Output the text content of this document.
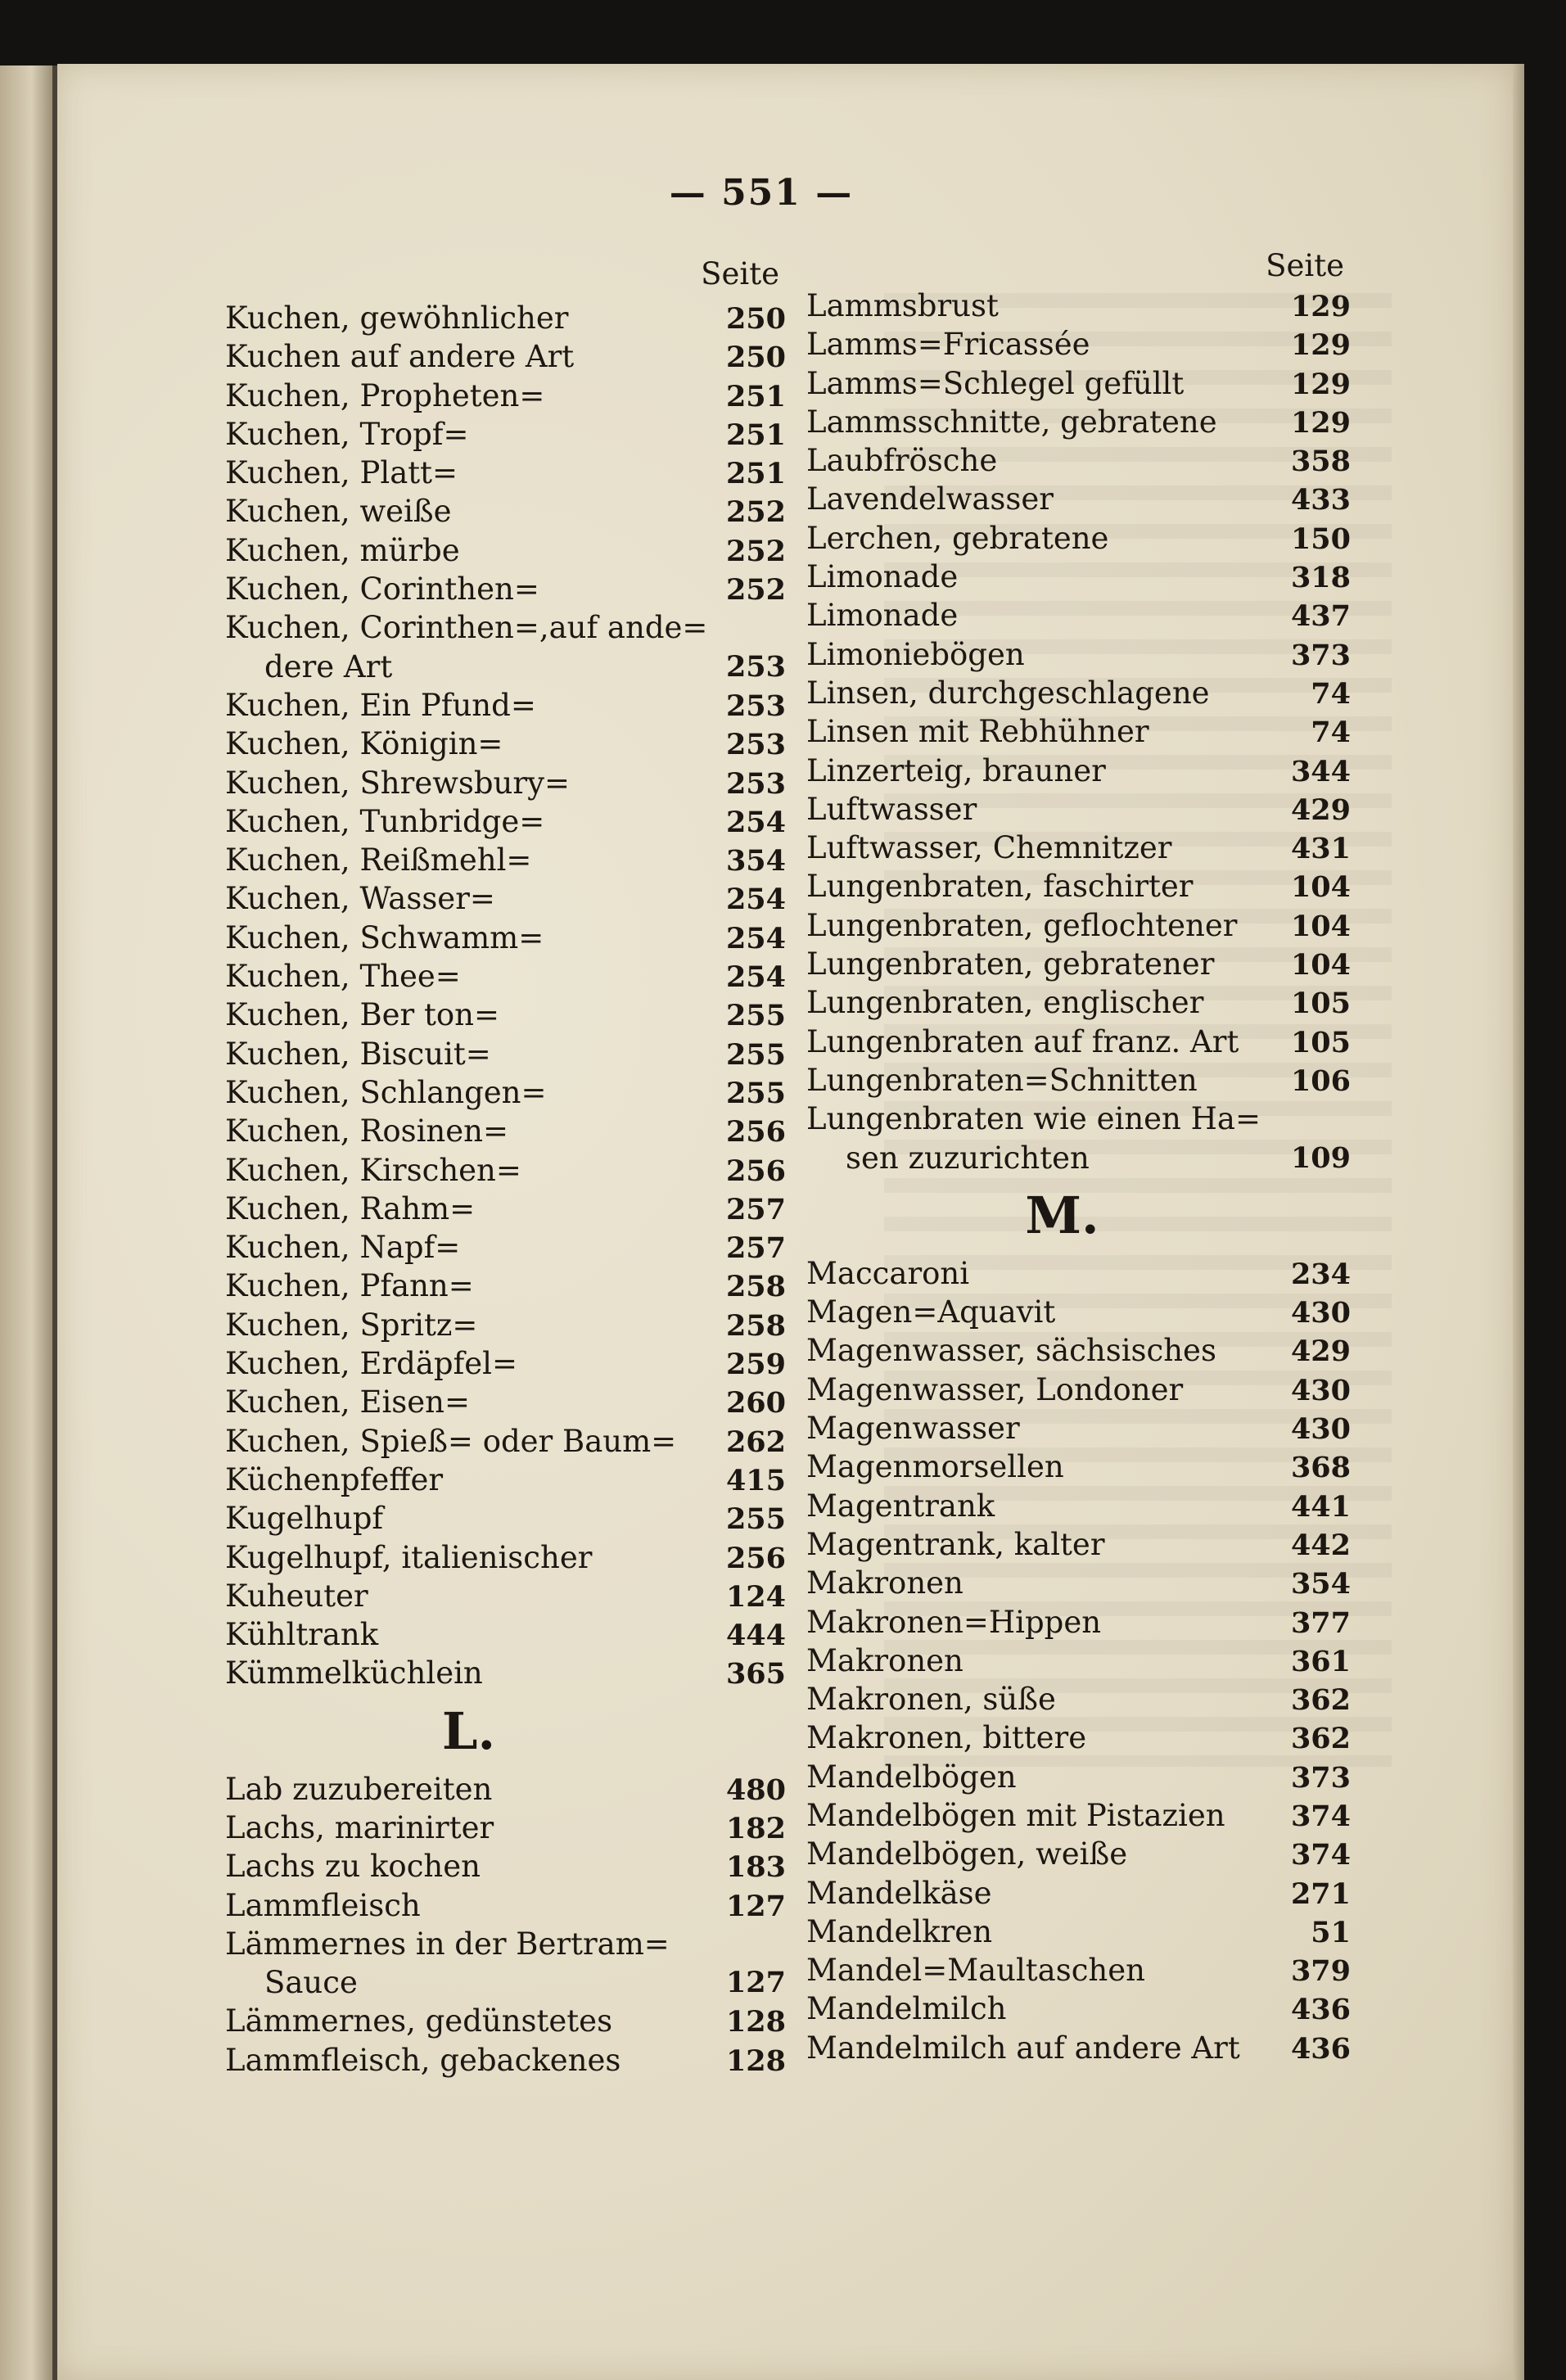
— 551 —
Seite
Kuchen, gewöhnlicher	250
Kuchen auf andere Art	250
Kuchen, Propheten=	251
Kuchen, Tropf=	251
Kuchen, Platt=	251
Kuchen, weiße	252
Kuchen, mürbe	252
Kuchen, Corinthen=	252
Kuchen, Corinthen=,auf ande=
dere Art	253
Kuchen, Ein Pfund=	253
Kuchen, Königin=	253
Kuchen, Shrewsbury=	253
Kuchen, Tunbridge=	254
Kuchen, Reißmehl=	354
Kuchen, Wasser=	254
Kuchen, Schwamm=	254
Kuchen, Thee=	254
Kuchen, Ber ton=	255
Kuchen, Biscuit=	255
Kuchen, Schlangen=	255
Kuchen, Rosinen=	256
Kuchen, Kirschen=	256
Kuchen, Rahm=	257
Kuchen, Napf=	257
Kuchen, Pfann=	258
Kuchen, Spritz=	258
Kuchen, Erdäpfel=	259
Kuchen, Eisen=	260
Kuchen, Spieß= oder Baum=	262
Küchenpfeffer	415
Kugelhupf	255
Kugelhupf, italienischer	256
Kuheuter	124
Kühltrank	444
Kümmelküchlein	365
L.
Lab zuzubereiten	480
Lachs, marinirter	182
Lachs zu kochen	183
Lammfleisch	127
Lämmernes in der Bertram=
Sauce	127
Lämmernes, gedünstetes	128
Lammfleisch, gebackenes	128
Seite
Lammsbrust	129
Lamms=Fricassée	129
Lamms=Schlegel gefüllt	129
Lammsschnitte, gebratene	129
Laubfrösche	358
Lavendelwasser	433
Lerchen, gebratene	150
Limonade	318
Limonade	437
Limoniebögen	373
Linsen, durchgeschlagene	74
Linsen mit Rebhühner	74
Linzerteig, brauner	344
Luftwasser	429
Luftwasser, Chemnitzer	431
Lungenbraten, faschirter	104
Lungenbraten, geflochtener	104
Lungenbraten, gebratener	104
Lungenbraten, englischer	105
Lungenbraten auf franz. Art	105
Lungenbraten=Schnitten	106
Lungenbraten wie einen Ha=
sen zuzurichten	109
M.
Maccaroni	234
Magen=Aquavit	430
Magenwasser, sächsisches	429
Magenwasser, Londoner	430
Magenwasser	430
Magenmorsellen	368
Magentrank	441
Magentrank, kalter	442
Makronen	354
Makronen=Hippen	377
Makronen	361
Makronen, süße	362
Makronen, bittere	362
Mandelbögen	373
Mandelbögen mit Pistazien	374
Mandelbögen, weiße	374
Mandelkäse	271
Mandelkren	51
Mandel=Maultaschen	379
Mandelmilch	436
Mandelmilch auf andere Art	436
